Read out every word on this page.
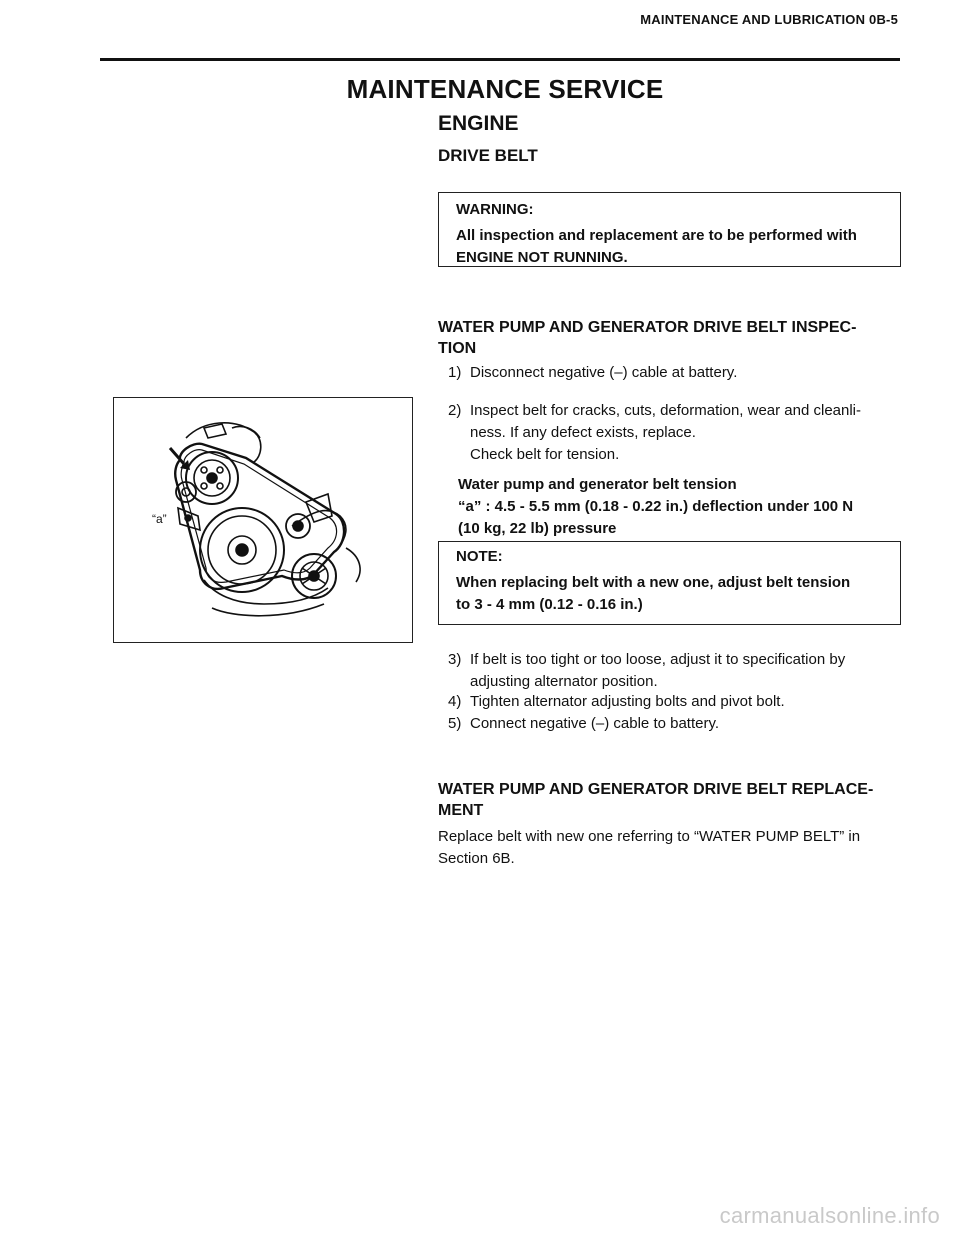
MAINTENANCE AND LUBRICATION 0B-5
MAINTENANCE SERVICE
ENGINE
DRIVE BELT
WARNING:
All inspection and replacement are to be performed with
ENGINE NOT RUNNING.
WATER PUMP AND GENERATOR DRIVE BELT INSPEC-
TION
1) Disconnect negative (–) cable at battery.
2) Inspect belt for cracks, cuts, deformation, wear and cleanli-
ness. If any defect exists, replace.
Check belt for tension.
Water pump and generator belt tension
“a” : 4.5 - 5.5 mm (0.18 - 0.22 in.) deflection under 100 N
(10 kg, 22 lb) pressure
NOTE:
When replacing belt with a new one, adjust belt tension
to 3 - 4 mm (0.12 - 0.16 in.)
3) If belt is too tight or too loose, adjust it to specification by
adjusting alternator position.
4) Tighten alternator adjusting bolts and pivot bolt.
5) Connect negative (–) cable to battery.
WATER PUMP AND GENERATOR DRIVE BELT REPLACE-
MENT
Replace belt with new one referring to “WATER PUMP BELT” in
Section 6B.
“a”
carmanualsonline.info
